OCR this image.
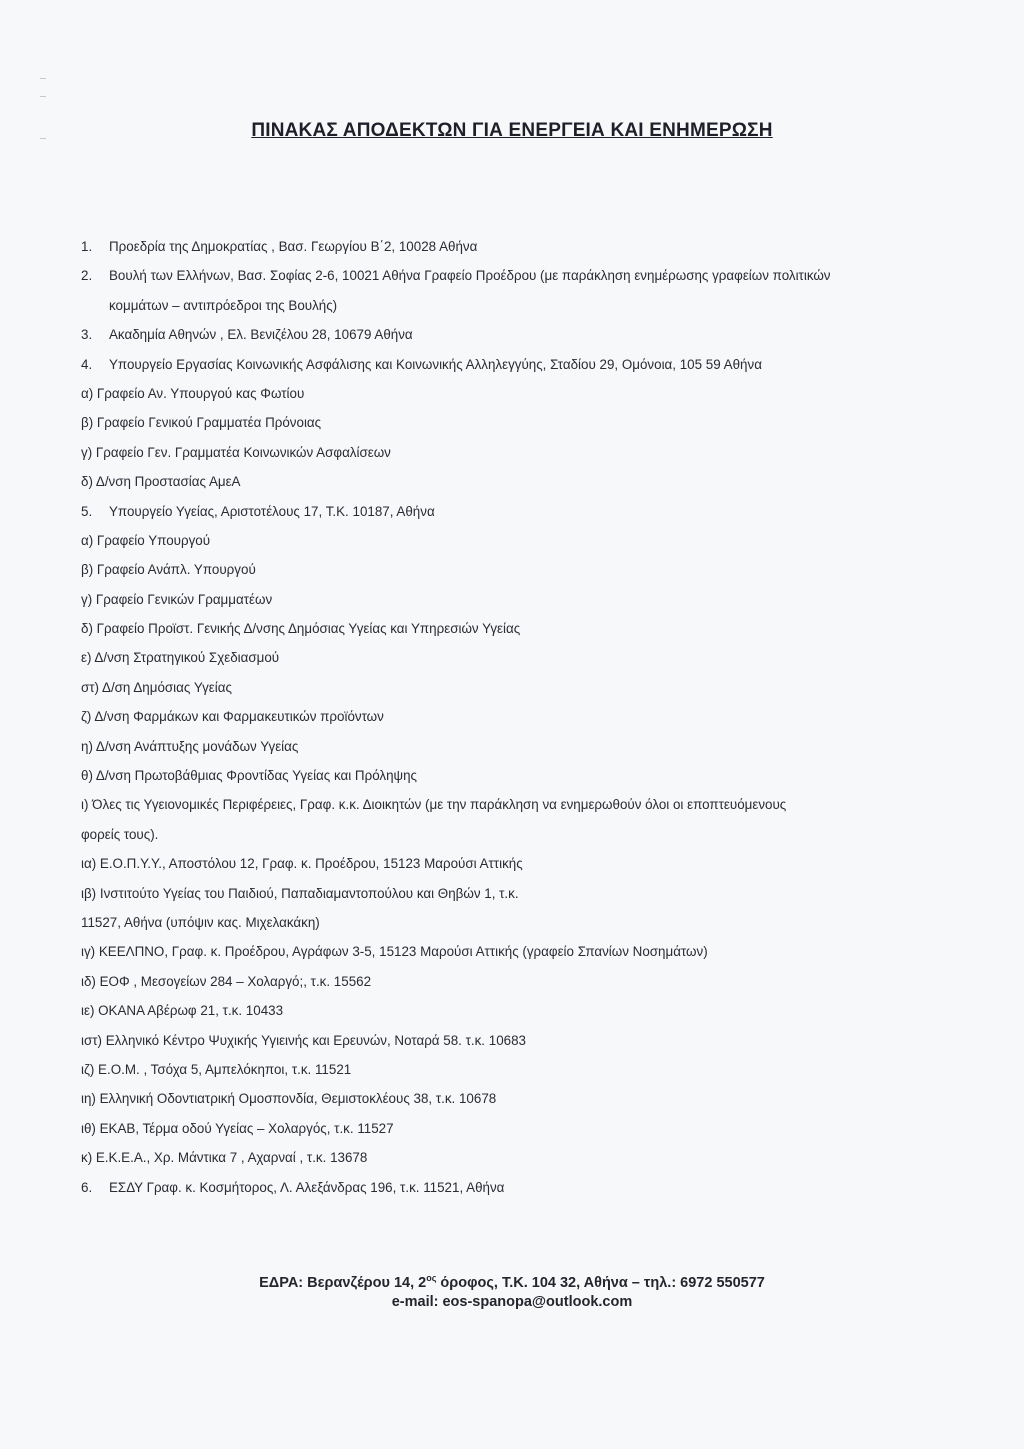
ΠΙΝΑΚΑΣ ΑΠΟΔΕΚΤΩΝ ΓΙΑ ΕΝΕΡΓΕΙΑ ΚΑΙ ΕΝΗΜΕΡΩΣΗ
1. Προεδρία της Δημοκρατίας , Βασ. Γεωργίου Β΄2, 10028 Αθήνα
2. Βουλή των Ελλήνων, Βασ. Σοφίας 2-6, 10021 Αθήνα Γραφείο Προέδρου (με παράκληση ενημέρωσης γραφείων πολιτικών
κομμάτων – αντιπρόεδροι της Βουλής)
3. Ακαδημία Αθηνών , Ελ. Βενιζέλου 28, 10679 Αθήνα
4. Υπουργείο Εργασίας Κοινωνικής Ασφάλισης και Κοινωνικής Αλληλεγγύης, Σταδίου 29, Ομόνοια, 105 59 Αθήνα
α) Γραφείο Αν. Υπουργού κας Φωτίου
β) Γραφείο Γενικού Γραμματέα Πρόνοιας
γ) Γραφείο Γεν. Γραμματέα Κοινωνικών Ασφαλίσεων
δ) Δ/νση Προστασίας ΑμεΑ
5. Υπουργείο Υγείας, Αριστοτέλους 17, Τ.Κ. 10187, Αθήνα
α) Γραφείο Υπουργού
β) Γραφείο Ανάπλ. Υπουργού
γ) Γραφείο Γενικών Γραμματέων
δ) Γραφείο Προϊστ. Γενικής Δ/νσης Δημόσιας Υγείας και Υπηρεσιών Υγείας
ε) Δ/νση Στρατηγικού Σχεδιασμού
στ) Δ/ση Δημόσιας Υγείας
ζ) Δ/νση Φαρμάκων και Φαρμακευτικών προϊόντων
η) Δ/νση Ανάπτυξης μονάδων Υγείας
θ) Δ/νση Πρωτοβάθμιας Φροντίδας Υγείας και Πρόληψης
ι) Όλες τις Υγειονομικές Περιφέρειες, Γραφ. κ.κ. Διοικητών (με την παράκληση να ενημερωθούν όλοι οι εποπτευόμενους
φορείς τους).
ια) Ε.Ο.Π.Υ.Υ., Αποστόλου 12, Γραφ. κ. Προέδρου, 15123 Μαρούσι Αττικής
ιβ) Ινστιτούτο Υγείας του Παιδιού, Παπαδιαμαντοπούλου και Θηβών 1, τ.κ.
11527, Αθήνα (υπόψιν κας. Μιχελακάκη)
ιγ) ΚΕΕΛΠΝΟ, Γραφ. κ. Προέδρου, Αγράφων 3-5, 15123 Μαρούσι Αττικής (γραφείο Σπανίων Νοσημάτων)
ιδ) ΕΟΦ , Μεσογείων 284 – Χολαργό;, τ.κ. 15562
ιε) ΟΚΑΝΑ Αβέρωφ 21, τ.κ. 10433
ιστ) Ελληνικό Κέντρο Ψυχικής Υγιεινής και Ερευνών, Νοταρά 58. τ.κ. 10683
ιζ) Ε.Ο.Μ. , Τσόχα 5, Αμπελόκηποι, τ.κ. 11521
ιη) Ελληνική Οδοντιατρική Ομοσπονδία, Θεμιστοκλέους 38, τ.κ. 10678
ιθ) ΕΚΑΒ, Τέρμα οδού Υγείας – Χολαργός, τ.κ. 11527
κ) Ε.Κ.Ε.Α., Χρ. Μάντικα 7 , Αχαρναί , τ.κ. 13678
6. ΕΣΔΥ Γραφ. κ. Κοσμήτορος, Λ. Αλεξάνδρας 196, τ.κ. 11521, Αθήνα
ΕΔΡΑ: Βερανζέρου 14, $2^{o\varsigma}$ όροφος, Τ.Κ. 104 32, Αθήνα – τηλ.: 6972 550577
e-mail: eos-spanopa@outlook.com
